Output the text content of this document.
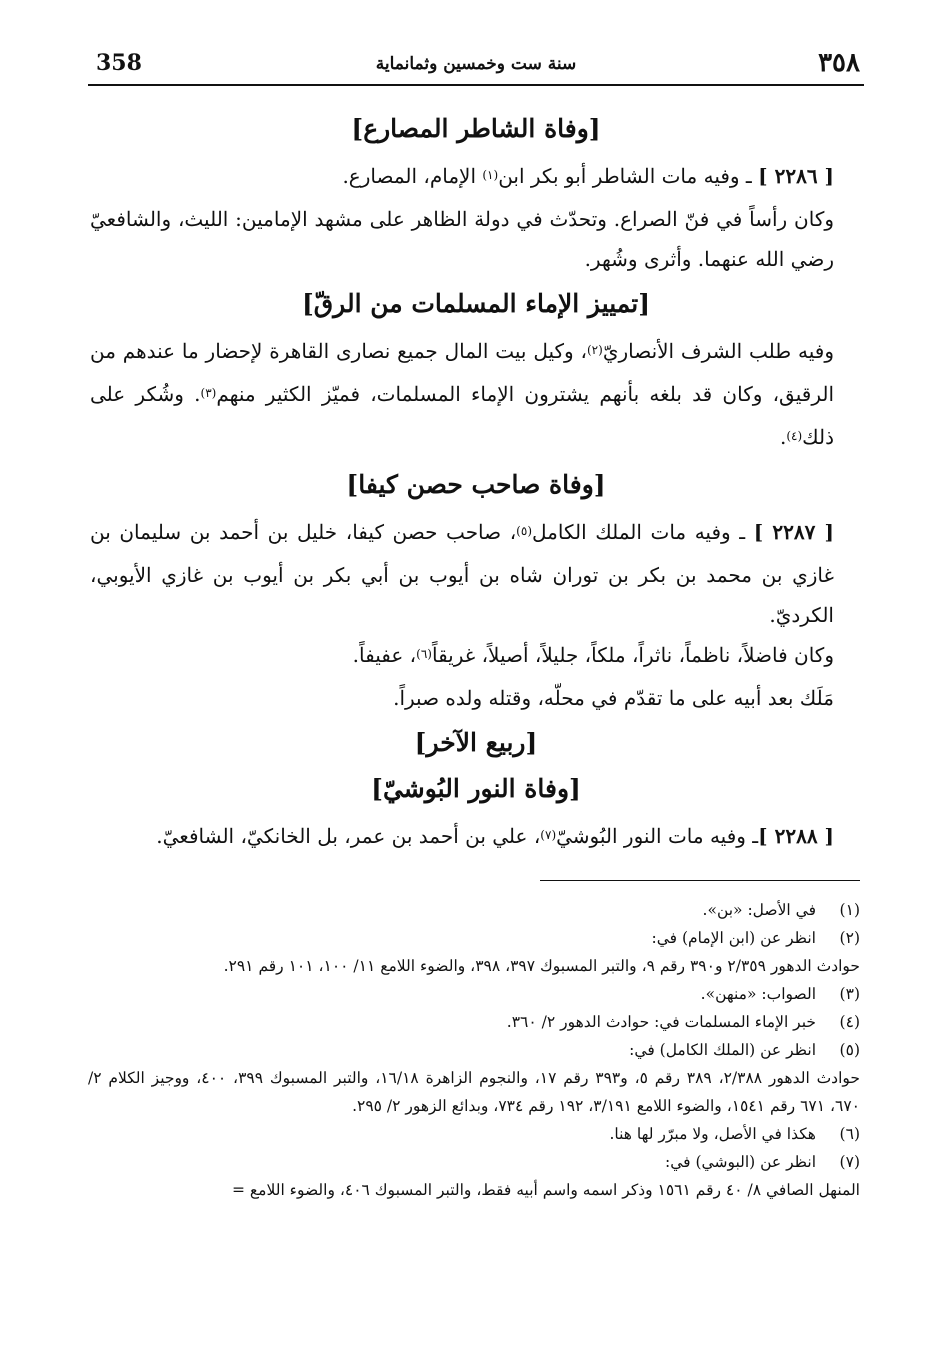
358	سنة ست وخمسين وثمانماية	٣٥٨
[وفاة الشاطر المصارع]

[ ٢٢٨٦ ] ـ وفيه مات الشاطر أبو بكر ابن$^{(١)}$ الإمام، المصارع.

وكان رأساً في فنّ الصراع. وتحدّث في دولة الظاهر على مشهد الإمامين: الليث، والشافعيّ رضي الله عنهما. وأثرى وشُهر.

[تمييز الإماء المسلمات من الرقّ]

وفيه طلب الشرف الأنصاريّ$^{(٢)}$، وكيل بيت المال جميع نصارى القاهرة لإحضار ما عندهم من الرقيق، وكان قد بلغه بأنهم يشترون الإماء المسلمات، فميّز الكثير منهم$^{(٣)}$. وشُكر على ذلك$^{(٤)}$.

[وفاة صاحب حصن كيفا]

[ ٢٢٨٧ ] ـ وفيه مات الملك الكامل$^{(٥)}$، صاحب حصن كيفا، خليل بن أحمد بن سليمان بن غازي بن محمد بن بكر بن توران شاه بن أيوب بن أبي بكر بن أيوب بن غازي الأيوبي، الكرديّ.

وكان فاضلاً، ناظماً، ناثراً، ملكاً، جليلاً، أصيلاً، غريقاً$^{(٦)}$، عفيفاً.

مَلَك بعد أبيه على ما تقدّم في محلّه، وقتله ولده صبراً.

[ربيع الآخر]
[وفاة النور البُوشيّ]

[ ٢٢٨٨ ]ـ وفيه مات النور البُوشيّ$^{(٧)}$، علي بن أحمد بن عمر، بل الخانكيّ، الشافعيّ.

(١)
في الأصل: «بن».
(٢)
انظر عن (ابن الإمام) في:
حوادث الدهور ٢/٣٥٩ و٣٩٠ رقم ٩، والتبر المسبوك ٣٩٧، ٣٩٨، والضوء اللامع ١١/ ١٠٠، ١٠١ رقم ٢٩١.
(٣)
الصواب: «منهن».
(٤)
خبر الإماء المسلمات في: حوادث الدهور ٢/ ٣٦٠.
(٥)
انظر عن (الملك الكامل) في:
حوادث الدهور ٢/٣٨٨، ٣٨٩ رقم ٥، و٣٩٣ رقم ١٧، والنجوم الزاهرة ١٦/١٨، والتبر المسبوك ٣٩٩، ٤٠٠، ووجيز الكلام ٢/ ٦٧٠، ٦٧١ رقم ١٥٤١، والضوء اللامع ٣/١٩١، ١٩٢ رقم ٧٣٤، وبدائع الزهور ٢/ ٢٩٥.
(٦)
هكذا في الأصل، ولا مبرّر لها هنا.
(٧)
انظر عن (البوشي) في:
المنهل الصافي ٨/ ٤٠ رقم ١٥٦١ وذكر اسمه واسم أبيه فقط، والتبر المسبوك ٤٠٦، والضوء اللامع =
